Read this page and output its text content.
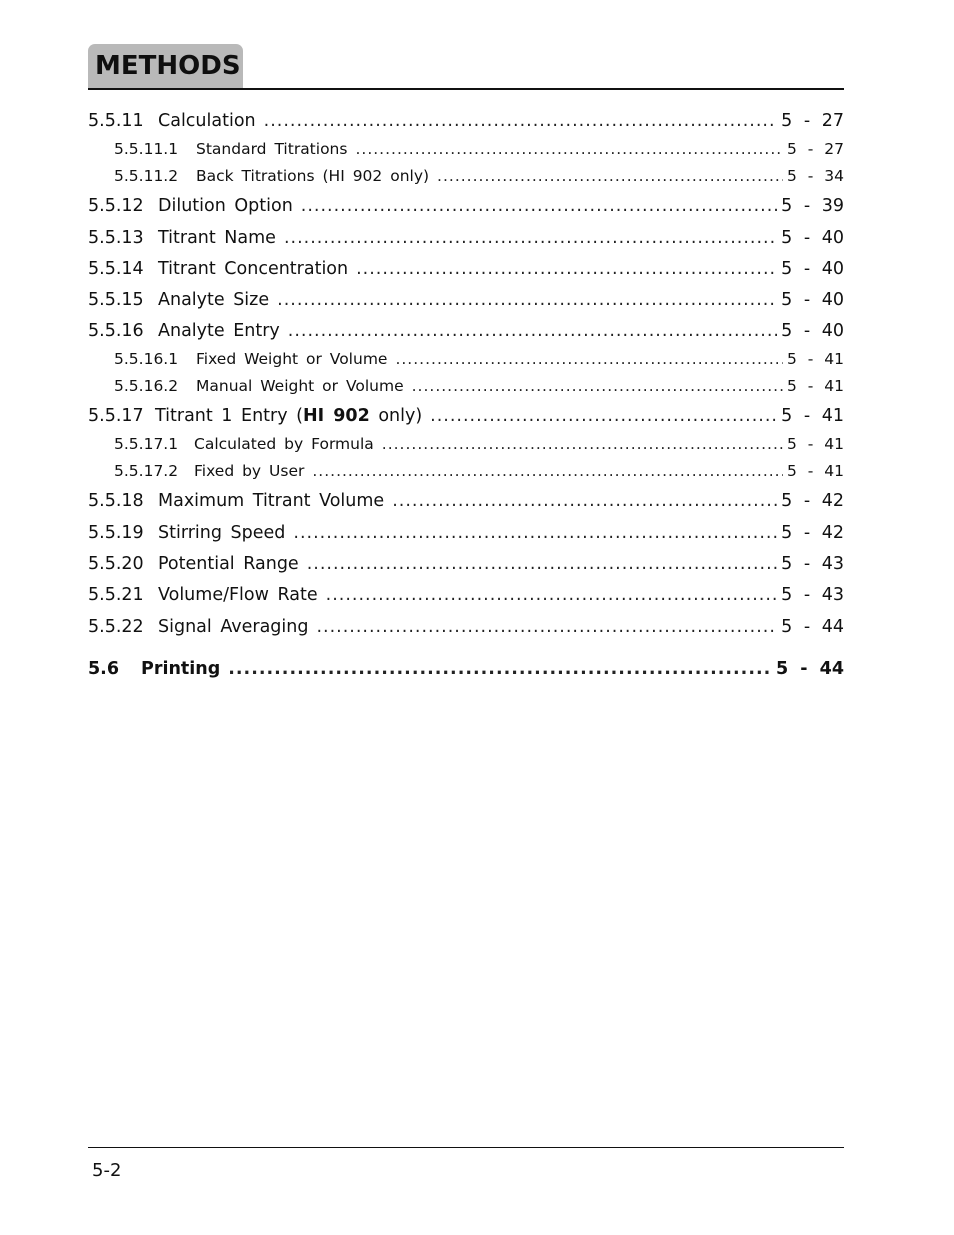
METHODS
5.5.11 Calculation .....	5 - 27
5.5.11.1	Standard Titrations .....	5 - 27
5.5.11.2	Back Titrations (HI 902 only) .....	5 - 34
5.5.12 Dilution Option .....	5 - 39
5.5.13 Titrant Name .....	5 - 40
5.5.14 Titrant Concentration .....	5 - 40
5.5.15 Analyte Size .....	5 - 40
5.5.16 Analyte Entry .....	5 - 40
5.5.16.1	Fixed Weight or Volume .....	5 - 41
5.5.16.2	Manual Weight or Volume .....	5 - 41
5.5.17 Titrant 1 Entry (HI 902 only) .....	5 - 41
5.5.17.1	Calculated by Formula .....	5 - 41
5.5.17.2	Fixed by User .....	5 - 41
5.5.18 Maximum Titrant Volume .....	5 - 42
5.5.19 Stirring Speed .....	5 - 42
5.5.20 Potential Range .....	5 - 43
5.5.21 Volume/Flow Rate .....	5 - 43
5.5.22 Signal Averaging .....	5 - 44
5.6	Printing .....	5 - 44
5-2
